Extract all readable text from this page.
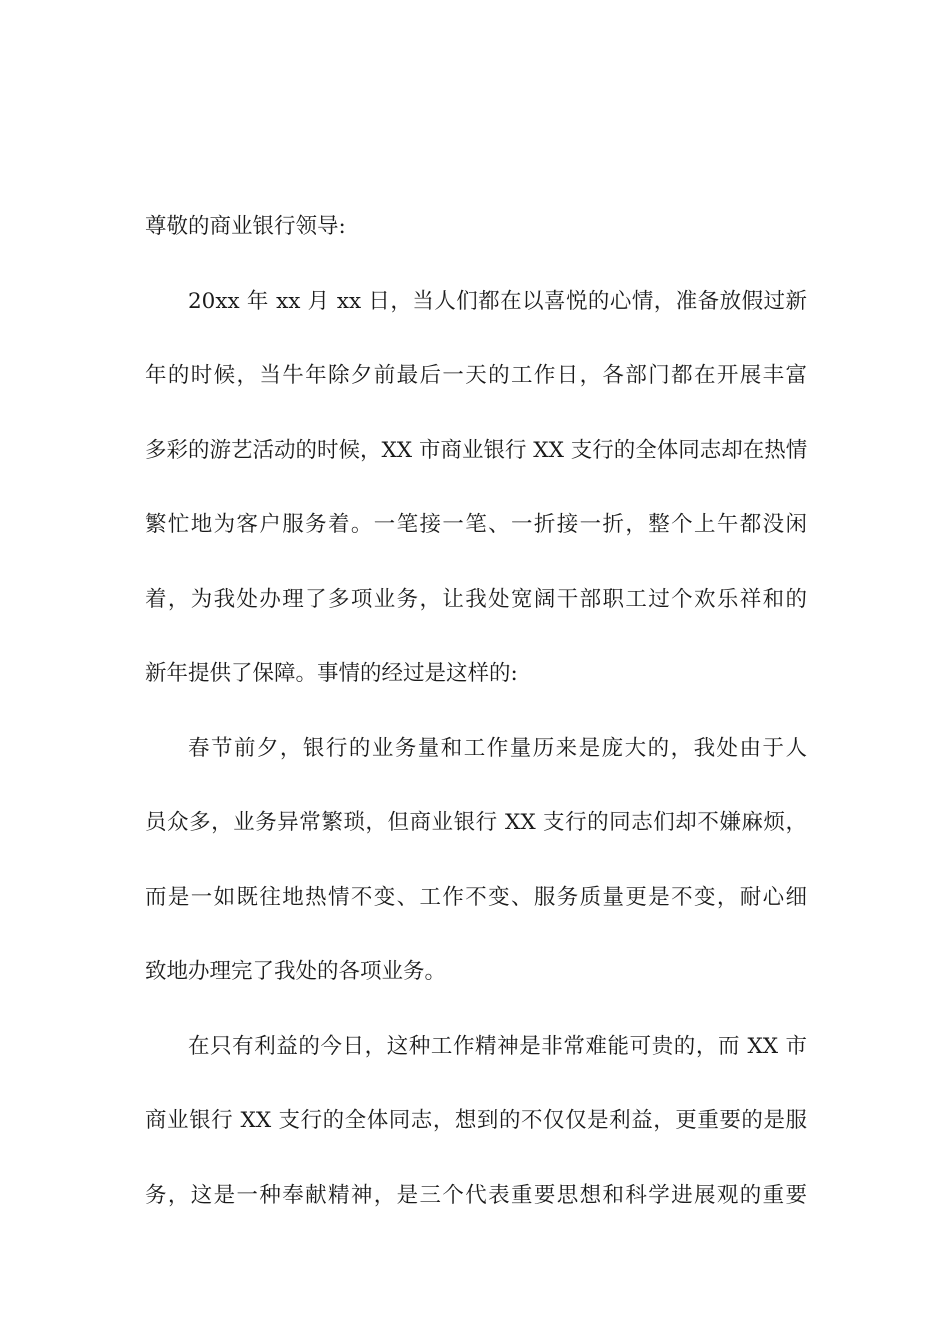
尊敬的商业银行领导:
20xx 年 xx 月 xx 日，当人们都在以喜悦的心情，准备放假过新
年的时候，当牛年除夕前最后一天的工作日，各部门都在开展丰富
多彩的游艺活动的时候，XX 市商业银行 XX 支行的全体同志却在热情
繁忙地为客户服务着。一笔接一笔、一折接一折，整个上午都没闲
着，为我处办理了多项业务，让我处宽阔干部职工过个欢乐祥和的
新年提供了保障。事情的经过是这样的:
春节前夕，银行的业务量和工作量历来是庞大的，我处由于人
员众多，业务异常繁琐，但商业银行 XX 支行的同志们却不嫌麻烦，
而是一如既往地热情不变、工作不变、服务质量更是不变，耐心细
致地办理完了我处的各项业务。
在只有利益的今日，这种工作精神是非常难能可贵的，而 XX 市
商业银行 XX 支行的全体同志，想到的不仅仅是利益，更重要的是服
务，这是一种奉献精神，是三个代表重要思想和科学进展观的重要
